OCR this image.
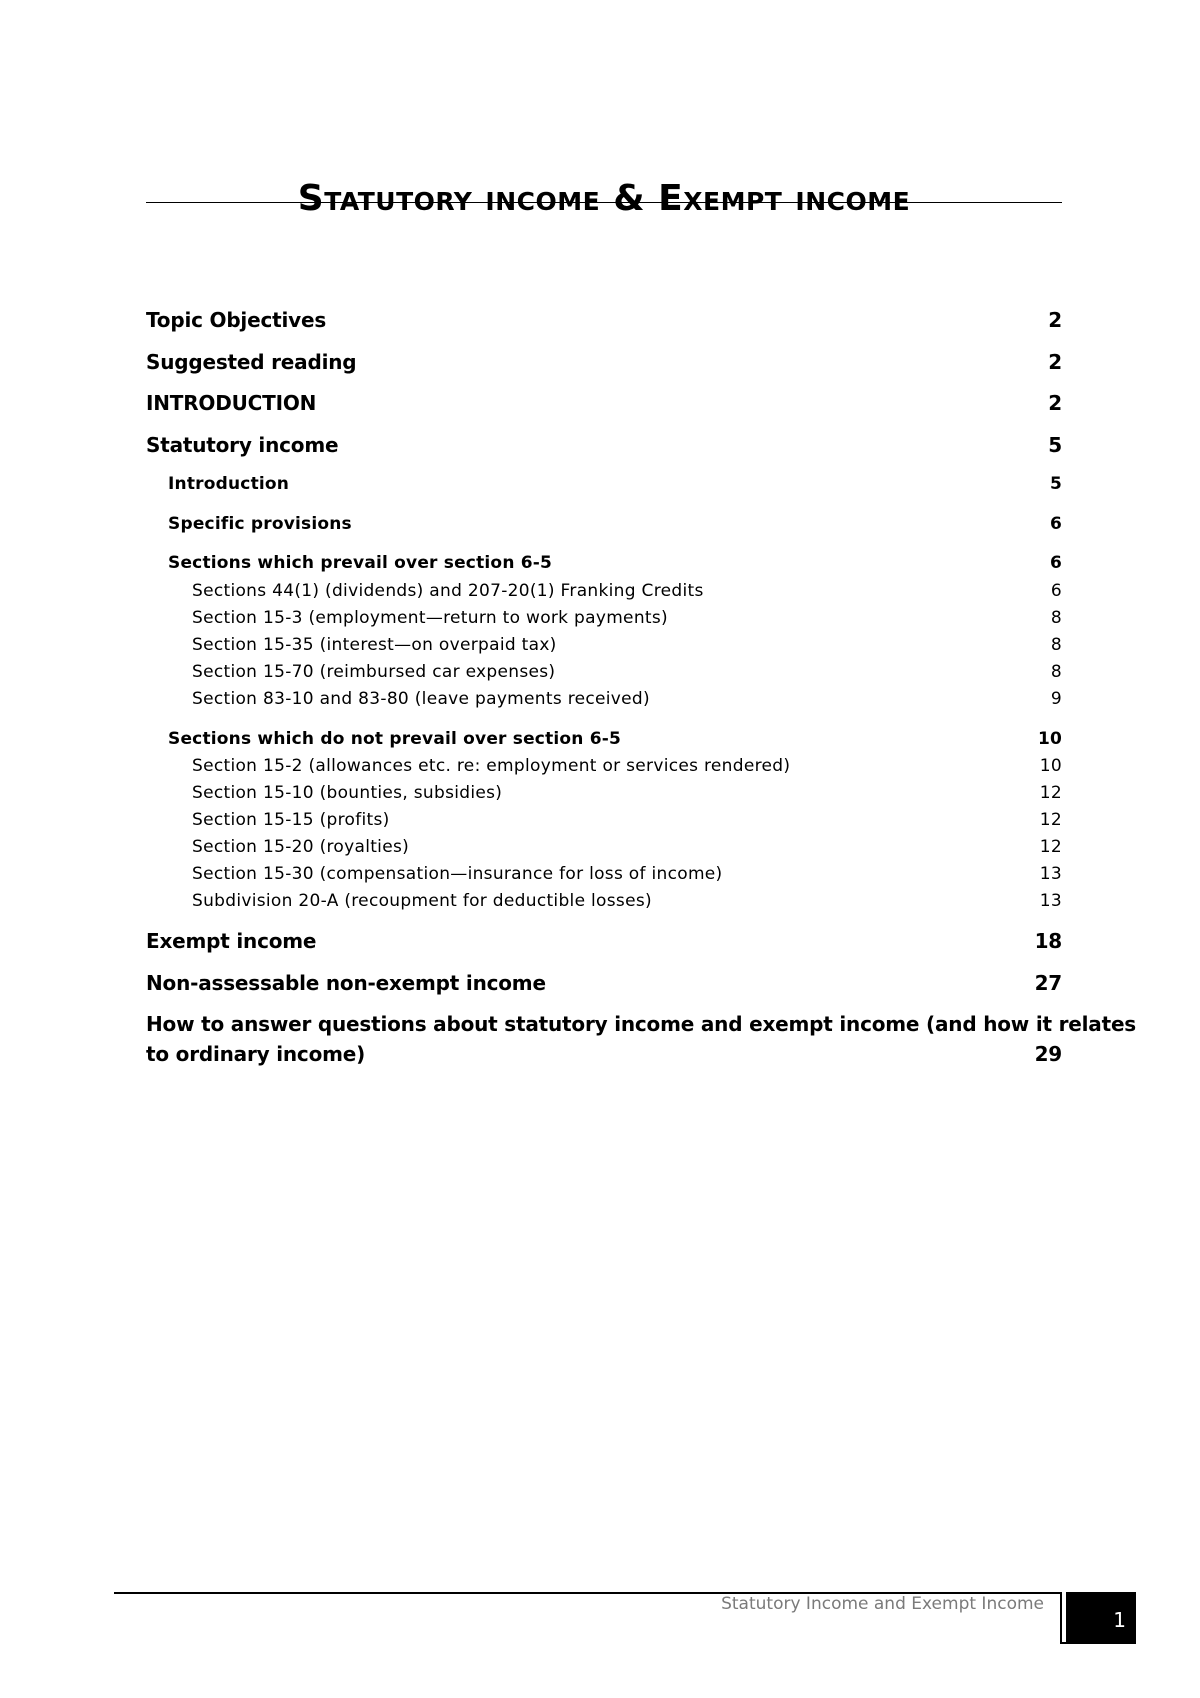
Statutory income & Exempt income
Topic Objectives	2
Suggested reading	2
INTRODUCTION	2
Statutory income	5
Introduction	5
Specific provisions	6
Sections which prevail over section 6-5	6
Sections 44(1) (dividends) and 207-20(1) Franking Credits	6
Section 15-3 (employment—return to work payments)	8
Section 15-35 (interest—on overpaid tax)	8
Section 15-70 (reimbursed car expenses)	8
Section 83-10 and 83-80 (leave payments received)	9
Sections which do not prevail over section 6-5	10
Section 15-2 (allowances etc. re: employment or services rendered)	10
Section 15-10 (bounties, subsidies)	12
Section 15-15 (profits)	12
Section 15-20 (royalties)	12
Section 15-30 (compensation—insurance for loss of income)	13
Subdivision 20-A (recoupment for deductible losses)	13
Exempt income	18
Non-assessable non-exempt income	27
How to answer questions about statutory income and exempt income (and how it relates
to ordinary income)	29
Statutory Income and Exempt Income
1
